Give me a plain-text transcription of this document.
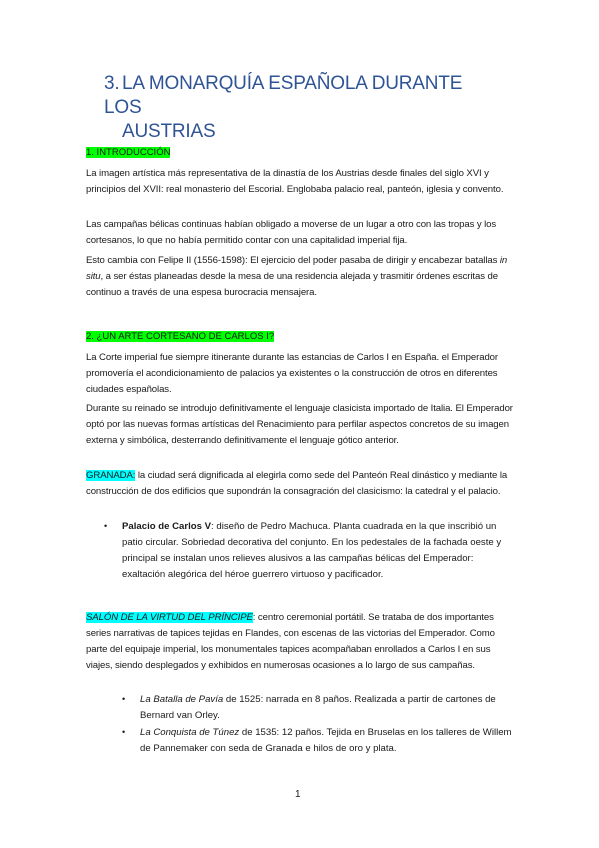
3. LA MONARQUÍA ESPAÑOLA DURANTE LOS
AUSTRIAS
1. INTRODUCCIÓN
La imagen artística más representativa de la dinastía de los Austrias desde finales del siglo XVI y principios del XVII: real monasterio del Escorial. Englobaba palacio real, panteón, iglesia y convento.
Las campañas bélicas continuas habían obligado a moverse de un lugar a otro con las tropas y los cortesanos, lo que no había permitido contar con una capitalidad imperial fija.
Esto cambia con Felipe II (1556-1598): El ejercicio del poder pasaba de dirigir y encabezar batallas in situ, a ser éstas planeadas desde la mesa de una residencia alejada y trasmitir órdenes escritas de continuo a través de una espesa burocracia mensajera.
2. ¿UN ARTE CORTESANO DE CARLOS I?
La Corte imperial fue siempre itinerante durante las estancias de Carlos I en España. el Emperador promovería el acondicionamiento de palacios ya existentes o la construcción de otros en diferentes ciudades españolas.
Durante su reinado se introdujo definitivamente el lenguaje clasicista importado de Italia. El Emperador optó por las nuevas formas artísticas del Renacimiento para perfilar aspectos concretos de su imagen externa y simbólica, desterrando definitivamente el lenguaje gótico anterior.
GRANADA: la ciudad será dignificada al elegirla como sede del Panteón Real dinástico y mediante la construcción de dos edificios que supondrán la consagración del clasicismo: la catedral y el palacio.
• Palacio de Carlos V: diseño de Pedro Machuca. Planta cuadrada en la que inscribió un patio circular. Sobriedad decorativa del conjunto. En los pedestales de la fachada oeste y principal se instalan unos relieves alusivos a las campañas bélicas del Emperador: exaltación alegórica del héroe guerrero virtuoso y pacificador.
SALÓN DE LA VIRTUD DEL PRÍNCIPE: centro ceremonial portátil. Se trataba de dos importantes series narrativas de tapices tejidas en Flandes, con escenas de las victorias del Emperador. Como parte del equipaje imperial, los monumentales tapices acompañaban enrollados a Carlos I en sus viajes, siendo desplegados y exhibidos en numerosas ocasiones a lo largo de sus campañas.
• La Batalla de Pavía de 1525: narrada en 8 paños. Realizada a partir de cartones de Bernard van Orley.
• La Conquista de Túnez de 1535: 12 paños. Tejida en Bruselas en los talleres de Willem de Pannemaker con seda de Granada e hilos de oro y plata.
1
